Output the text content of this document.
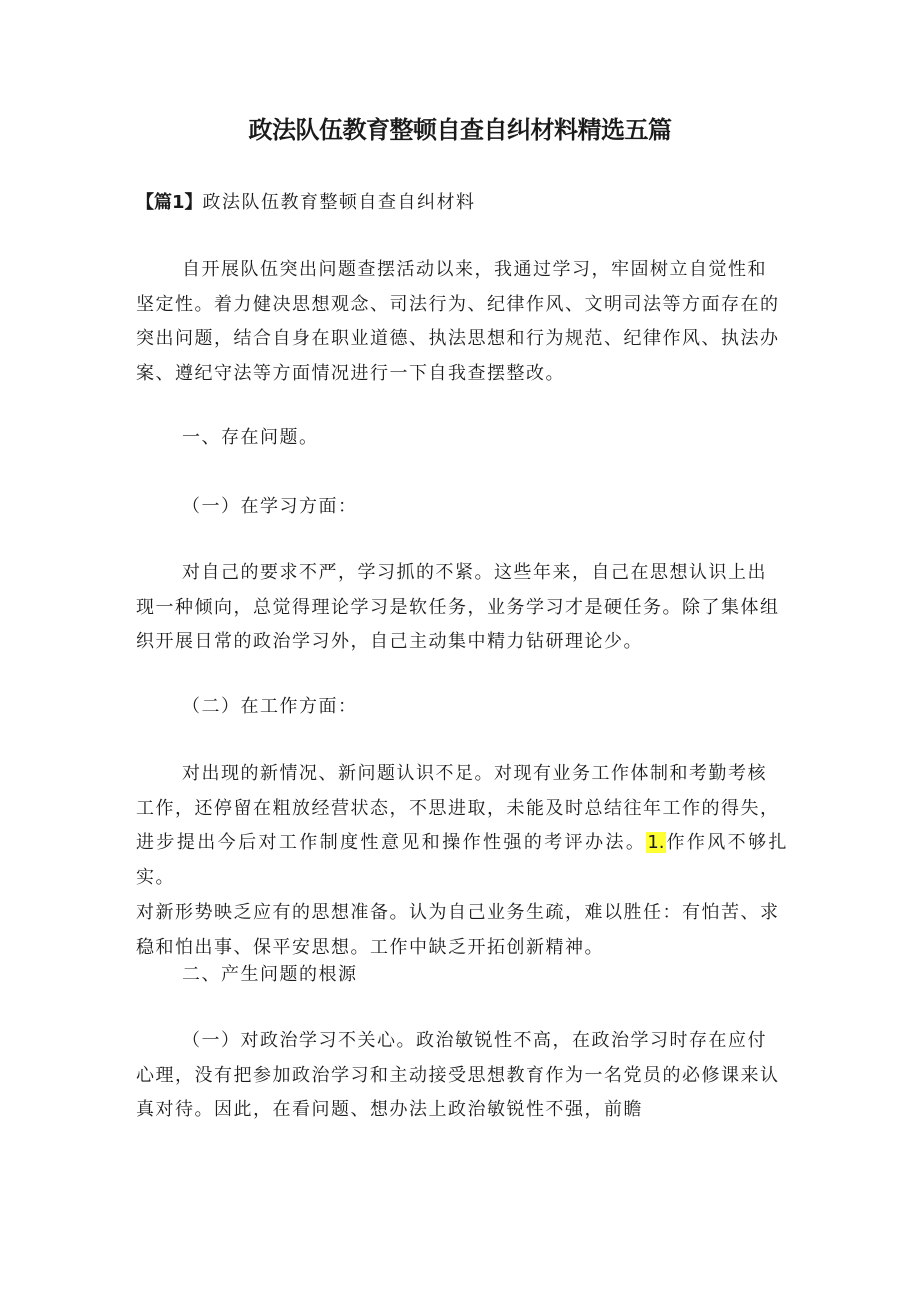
政法队伍教育整顿自查自纠材料精选五篇

【篇1】政法队伍教育整顿自查自纠材料

自开展队伍突出问题查摆活动以来，我通过学习，牢固树立自觉性和
坚定性。着力健决思想观念、司法行为、纪律作风、文明司法等方面存在的
突出问题，结合自身在职业道德、执法思想和行为规范、纪律作风、执法办
案、遵纪守法等方面情况进行一下自我查摆整改。

一、存在问题。

（一）在学习方面：

对自己的要求不严，学习抓的不紧。这些年来，自己在思想认识上出
现一种倾向，总觉得理论学习是软任务，业务学习才是硬任务。除了集体组
织开展日常的政治学习外，自己主动集中精力钻研理论少。

（二）在工作方面：

对出现的新情况、新问题认识不足。对现有业务工作体制和考勤考核
工作，还停留在粗放经营状态，不思进取，未能及时总结往年工作的得失，
进步提出今后对工作制度性意见和操作性强的考评办法。1.作作风不够扎实。
对新形势映乏应有的思想准备。认为自己业务生疏，难以胜任：有怕苦、求
稳和怕出事、保平安思想。工作中缺乏开拓创新精神。

二、产生问题的根源

（一）对政治学习不关心。政治敏锐性不高，在政治学习时存在应付
心理，没有把参加政治学习和主动接受思想教育作为一名党员的必修课来认
真对待。因此，在看问题、想办法上政治敏锐性不强，前瞻
